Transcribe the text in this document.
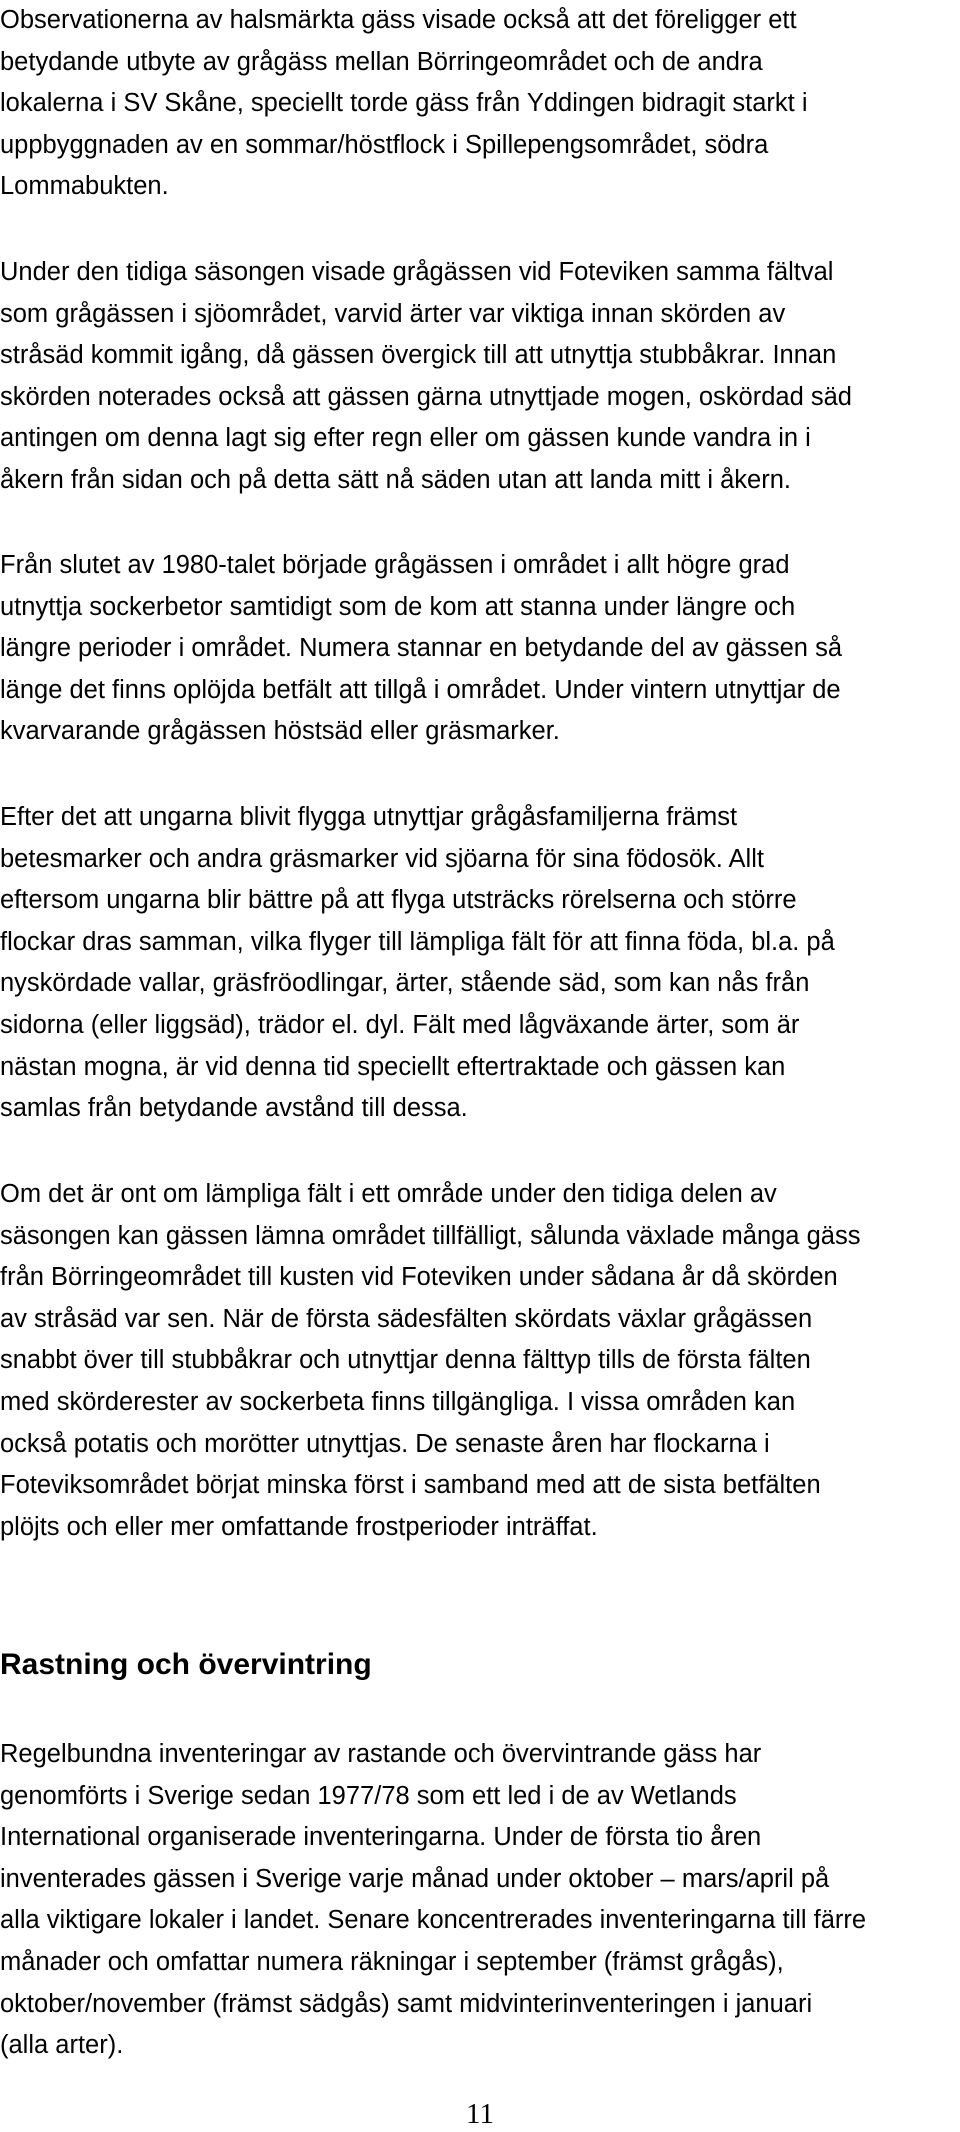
Observationerna av halsmärkta gäss visade också att det föreligger ett
betydande utbyte av grågäss mellan Börringeområdet och de andra
lokalerna i SV Skåne, speciellt torde gäss från Yddingen bidragit starkt i
uppbyggnaden av en sommar/höstflock i Spillepengsområdet, södra
Lommabukten.

Under den tidiga säsongen visade grågässen vid Foteviken samma fältval
som grågässen i sjöområdet, varvid ärter var viktiga innan skörden av
stråsäd kommit igång, då gässen övergick till att utnyttja stubbåkrar. Innan
skörden noterades också att gässen gärna utnyttjade mogen, oskördad säd
antingen om denna lagt sig efter regn eller om gässen kunde vandra in i
åkern från sidan och på detta sätt nå säden utan att landa mitt i åkern.

Från slutet av 1980-talet började grågässen i området i allt högre grad
utnyttja sockerbetor samtidigt som de kom att stanna under längre och
längre perioder i området. Numera stannar en betydande del av gässen så
länge det finns oplöjda betfält att tillgå i området. Under vintern utnyttjar de
kvarvarande grågässen höstsäd eller gräsmarker.

Efter det att ungarna blivit flygga utnyttjar grågåsfamiljerna främst
betesmarker och andra gräsmarker vid sjöarna för sina födosök. Allt
eftersom ungarna blir bättre på att flyga utsträcks rörelserna och större
flockar dras samman, vilka flyger till lämpliga fält för att finna föda, bl.a. på
nyskördade vallar, gräsfröodlingar, ärter, stående säd, som kan nås från
sidorna (eller liggsäd), trädor el. dyl. Fält med lågväxande ärter, som är
nästan mogna, är vid denna tid speciellt eftertraktade och gässen kan
samlas från betydande avstånd till dessa.

Om det är ont om lämpliga fält i ett område under den tidiga delen av
säsongen kan gässen lämna området tillfälligt, sålunda växlade många gäss
från Börringeområdet till kusten vid Foteviken under sådana år då skörden
av stråsäd var sen. När de första sädesfälten skördats växlar grågässen
snabbt över till stubbåkrar och utnyttjar denna fälttyp tills de första fälten
med skörderester av sockerbeta finns tillgängliga. I vissa områden kan
också potatis och morötter utnyttjas. De senaste åren har flockarna i
Foteviksområdet börjat minska först i samband med att de sista betfälten
plöjts och eller mer omfattande frostperioder inträffat.

Rastning och övervintring

Regelbundna inventeringar av rastande och övervintrande gäss har
genomförts i Sverige sedan 1977/78 som ett led i de av Wetlands
International organiserade inventeringarna. Under de första tio åren
inventerades gässen i Sverige varje månad under oktober – mars/april på
alla viktigare lokaler i landet. Senare koncentrerades inventeringarna till färre
månader och omfattar numera räkningar i september (främst grågås),
oktober/november (främst sädgås) samt midvinterinventeringen i januari
(alla arter).

11
